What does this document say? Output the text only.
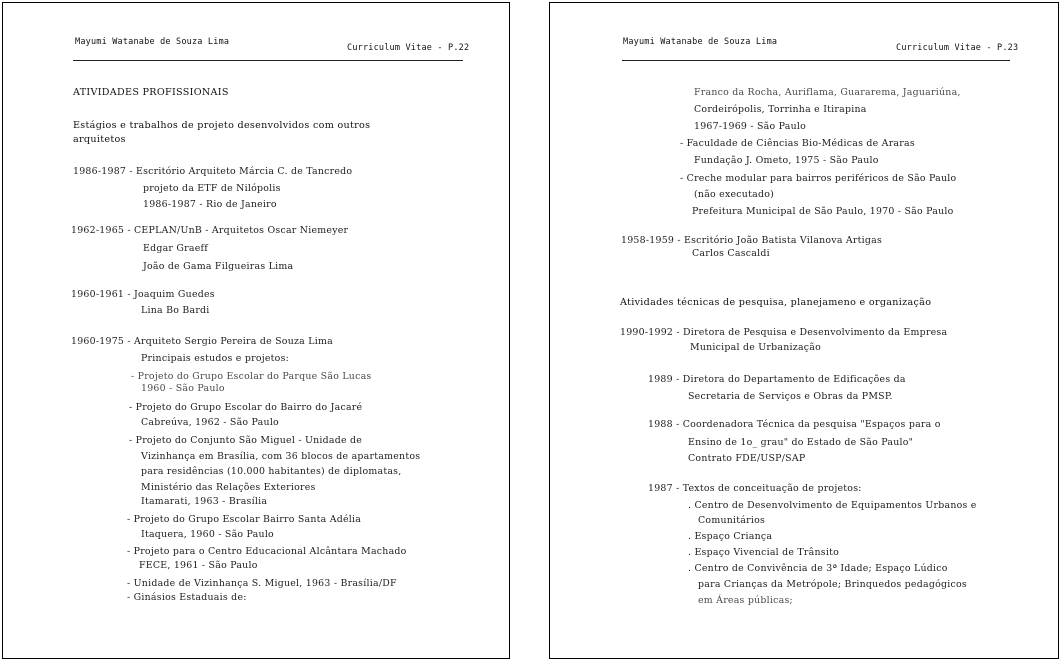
Mayumi Watanabe de Souza Lima
Curriculum Vitae - P.22
ATIVIDADES PROFISSIONAIS
Estágios e trabalhos de projeto desenvolvidos com outros
arquitetos
1986-1987 - Escritório Arquiteto Márcia C. de Tancredo
projeto da ETF de Nilópolis
1986-1987 - Rio de Janeiro
1962-1965 - CEPLAN/UnB - Arquitetos Oscar Niemeyer
Edgar Graeff
João de Gama Filgueiras Lima
1960-1961 - Joaquim Guedes
Lina Bo Bardi
1960-1975 - Arquiteto Sergio Pereira de Souza Lima
Principais estudos e projetos:
- Projeto do Grupo Escolar do Parque São Lucas
1960 - São Paulo
- Projeto do Grupo Escolar do Bairro do Jacaré
Cabreúva, 1962 - São Paulo
- Projeto do Conjunto São Miguel - Unidade de
Vizinhança em Brasília, com 36 blocos de apartamentos
para residências (10.000 habitantes) de diplomatas,
Ministério das Relações Exteriores
Itamarati, 1963 - Brasília
- Projeto do Grupo Escolar Bairro Santa Adélia
Itaquera, 1960 - São Paulo
- Projeto para o Centro Educacional Alcântara Machado
FECE, 1961 - São Paulo
- Unidade de Vizinhança S. Miguel, 1963 - Brasília/DF
- Ginásios Estaduais de:
Mayumi Watanabe de Souza Lima
Curriculum Vitae - P.23
Franco da Rocha, Auriflama, Guararema, Jaguariúna,
Cordeirópolis, Torrinha e Itirapina
1967-1969 - São Paulo
- Faculdade de Ciências Bio-Médicas de Araras
Fundação J. Ometo, 1975 - São Paulo
- Creche modular para bairros periféricos de São Paulo
(não executado)
Prefeitura Municipal de São Paulo, 1970 - São Paulo
1958-1959 - Escritório João Batista Vilanova Artigas
Carlos Cascaldi
Atividades técnicas de pesquisa, planejameno e organização
1990-1992 - Diretora de Pesquisa e Desenvolvimento da Empresa
Municipal de Urbanização
1989 - Diretora do Departamento de Edificações da
Secretaria de Serviços e Obras da PMSP.
1988 - Coordenadora Técnica da pesquisa "Espaços para o
Ensino de 1o_ grau" do Estado de São Paulo"
Contrato FDE/USP/SAP
1987 - Textos de conceituação de projetos:
. Centro de Desenvolvimento de Equipamentos Urbanos e
Comunitários
. Espaço Criança
. Espaço Vivencial de Trânsito
. Centro de Convivência de 3ª Idade; Espaço Lúdico
para Crianças da Metrópole; Brinquedos pedagógicos
em Áreas públicas;
